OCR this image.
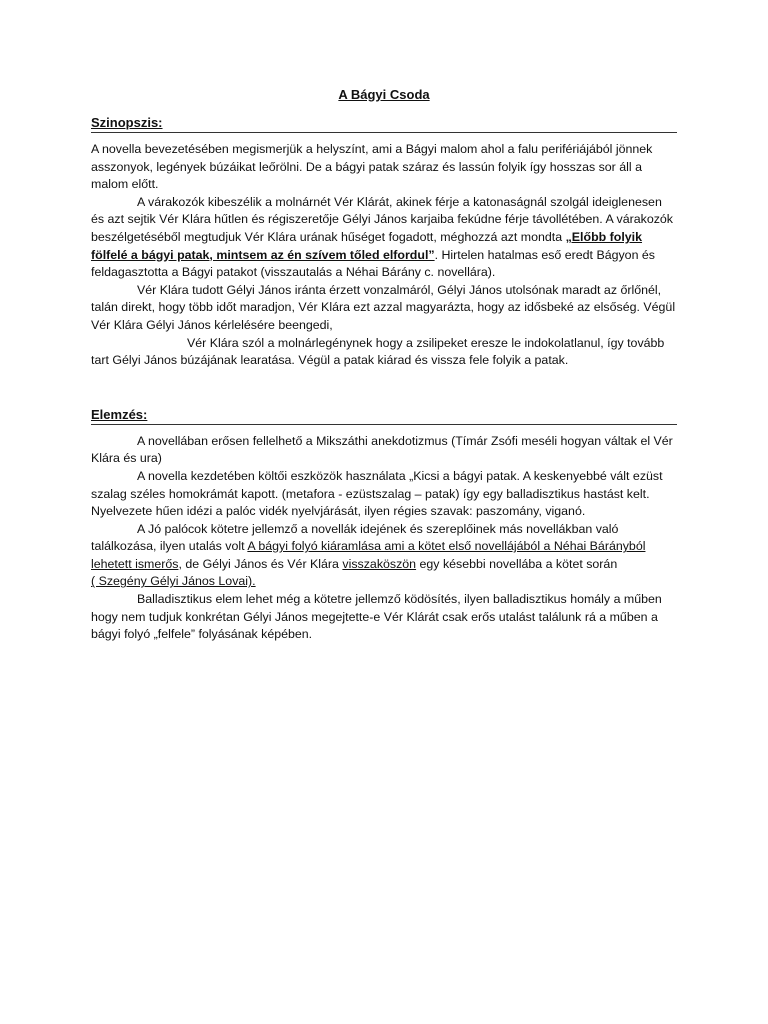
A Bágyi Csoda
Szinopszis:

A novella bevezetésében megismerjük a helyszínt, ami a Bágyi malom ahol a falu perifériájából jönnek asszonyok, legények búzáikat leőrölni. De a bágyi patak száraz és lassún folyik így hosszas sor áll a malom előtt.

A várakozók kibeszélik a molnárnét Vér Klárát, akinek férje a katonaságnál szolgál ideiglenesen és azt sejtik Vér Klára hűtlen és régiszeretője Gélyi János karjaiba fekúdne férje távollétében. A várakozók beszélgetéséből megtudjuk Vér Klára urának hűséget fogadott, méghozzá azt mondta „Előbb folyik fölfelé a bágyi patak, mintsem az én szívem tőled elfordul”. Hirtelen hatalmas eső eredt Bágyon és feldagasztotta a Bágyi patakot (visszautalás a Néhai Bárány c. novellára).

Vér Klára tudott Gélyi János iránta érzett vonzalmáról, Gélyi János utolsónak maradt az őrlőnél, talán direkt, hogy több időt maradjon, Vér Klára ezt azzal magyarázta, hogy az idősbeké az elsőség. Végül Vér Klára Gélyi János kérlelésére beengedi,

Vér Klára szól a molnárlegénynek hogy a zsilipeket eresze le indokolatlanul, így tovább tart Gélyi János búzájának learatása. Végül a patak kiárad és vissza fele folyik a patak.

Elemzés:

A novellában erősen fellelhető a Mikszáthi anekdotizmus (Tímár Zsófi meséli hogyan váltak el Vér Klára és ura)

A novella kezdetében költői eszközök használata „Kicsi a bágyi patak. A keskenyebbé vált ezüst szalag széles homokrámát kapott. (metafora - ezüstszalag – patak) így egy balladisztikus hastást kelt. Nyelvezete hűen idézi a palóc vidék nyelvjárását, ilyen régies szavak: paszomány, viganó.

A Jó palócok kötetre jellemző a novellák idejének és szereplőinek más novellákban való találkozása, ilyen utalás volt A bágyi folyó kiáramlása ami a kötet első novellájából a Néhai Bárányból lehetett ismerős, de Gélyi János és Vér Klára visszaköszön egy késebbi novellába a kötet során
( Szegény Gélyi János Lovai).

Balladisztikus elem lehet még a kötetre jellemző ködösítés, ilyen balladisztikus homály a műben hogy nem tudjuk konkrétan Gélyi János megejtette-e Vér Klárát csak erős utalást találunk rá a műben a bágyi folyó „felfele” folyásának képében.
